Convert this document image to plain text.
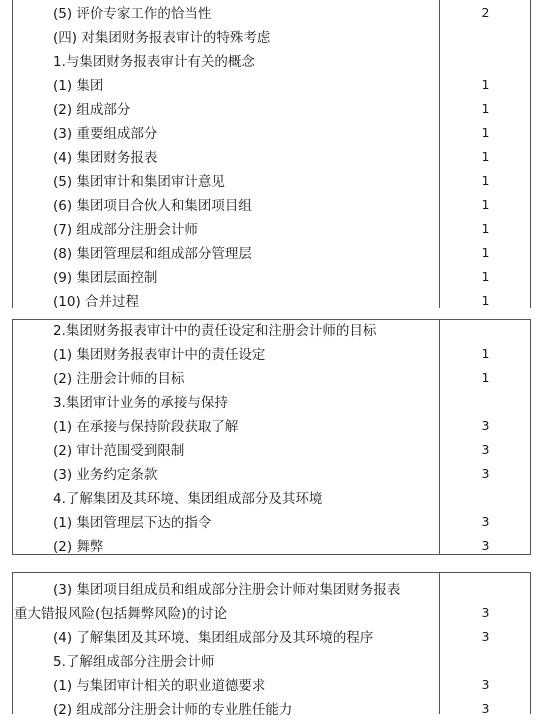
(5) 评价专家工作的恰当性	2
(四) 对集团财务报表审计的特殊考虑
1.与集团财务报表审计有关的概念
(1) 集团	1
(2) 组成部分	1
(3) 重要组成部分	1
(4) 集团财务报表	1
(5) 集团审计和集团审计意见	1
(6) 集团项目合伙人和集团项目组	1
(7) 组成部分注册会计师	1
(8) 集团管理层和组成部分管理层	1
(9) 集团层面控制	1
(10) 合并过程	1
2.集团财务报表审计中的责任设定和注册会计师的目标
(1) 集团财务报表审计中的责任设定	1
(2) 注册会计师的目标	1
3.集团审计业务的承接与保持
(1) 在承接与保持阶段获取了解	3
(2) 审计范围受到限制	3
(3) 业务约定条款	3
4.了解集团及其环境、集团组成部分及其环境
(1) 集团管理层下达的指令	3
(2) 舞弊	3
(3) 集团项目组成员和组成部分注册会计师对集团财务报表
重大错报风险(包括舞弊风险)的讨论	3
(4) 了解集团及其环境、集团组成部分及其环境的程序	3
5.了解组成部分注册会计师
(1) 与集团审计相关的职业道德要求	3
(2) 组成部分注册会计师的专业胜任能力	3
